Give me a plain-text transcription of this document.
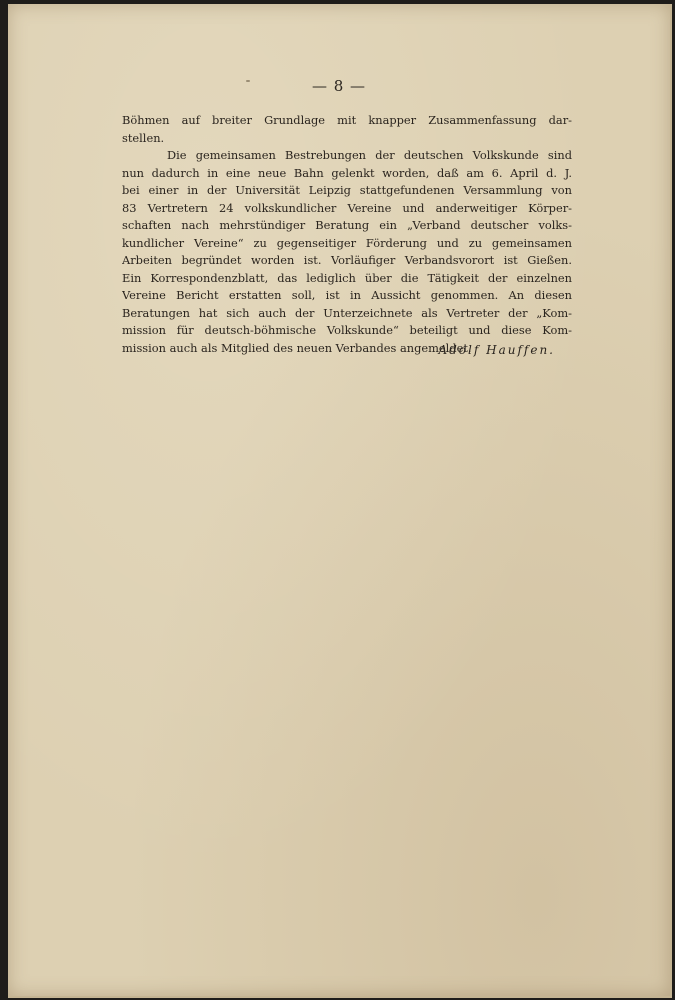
— 8 —
Böhmen auf breiter Grundlage mit knapper Zusammenfassung dar-
stellen.
Die gemeinsamen Bestrebungen der deutschen Volkskunde sind
nun dadurch in eine neue Bahn gelenkt worden, daß am 6. April d. J.
bei einer in der Universität Leipzig stattgefundenen Versammlung von
83 Vertretern 24 volkskundlicher Vereine und anderweitiger Körper-
schaften nach mehrstündiger Beratung ein „Verband deutscher volks-
kundlicher Vereine“ zu gegenseitiger Förderung und zu gemeinsamen
Arbeiten begründet worden ist. Vorläufiger Verbandsvorort ist Gießen.
Ein Korrespondenzblatt, das lediglich über die Tätigkeit der einzelnen
Vereine Bericht erstatten soll, ist in Aussicht genommen. An diesen
Beratungen hat sich auch der Unterzeichnete als Vertreter der „Kom-
mission für deutsch-böhmische Volkskunde“ beteiligt und diese Kom-
mission auch als Mitglied des neuen Verbandes angemeldet.
Adolf Hauffen.
